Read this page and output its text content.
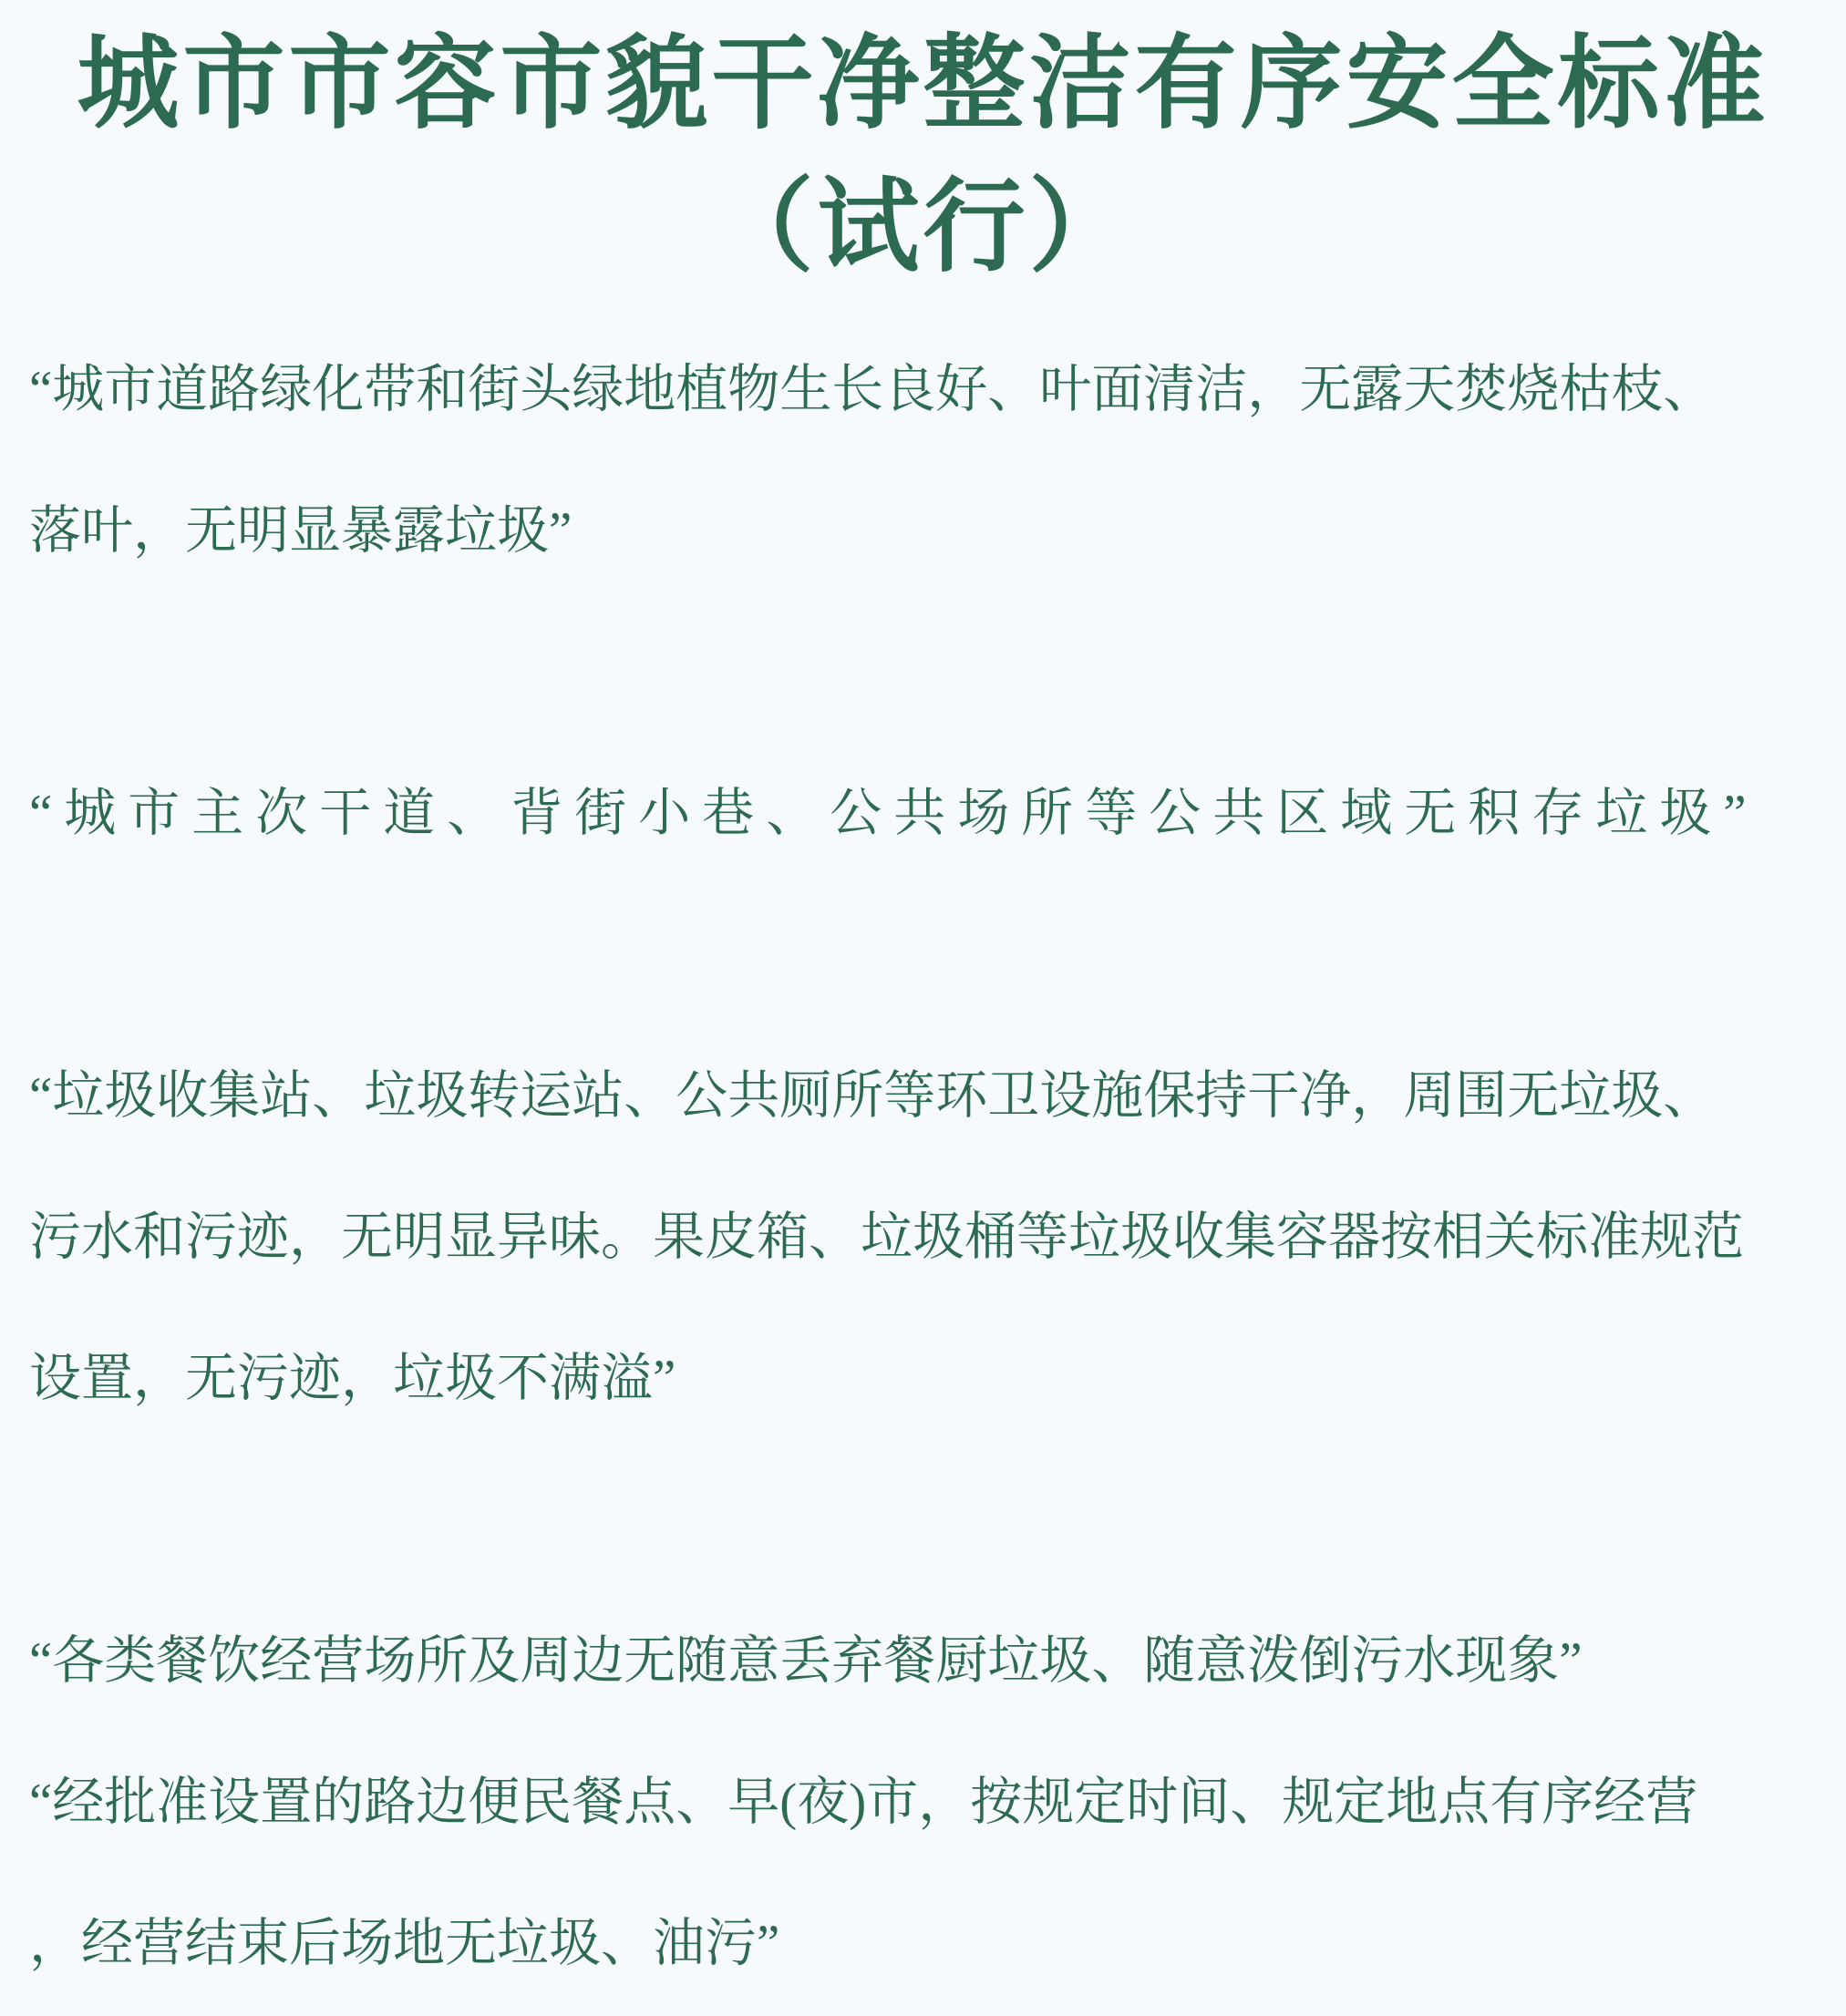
城市市容市貌干净整洁有序安全标准
（试行）

“城市道路绿化带和街头绿地植物生长良好、叶面清洁，无露天焚烧枯枝、
落叶，无明显暴露垃圾”

“城市主次干道、背街小巷、公共场所等公共区域无积存垃圾”

“垃圾收集站、垃圾转运站、公共厕所等环卫设施保持干净，周围无垃圾、
污水和污迹，无明显异味。果皮箱、垃圾桶等垃圾收集容器按相关标准规范
设置，无污迹，垃圾不满溢”

“各类餐饮经营场所及周边无随意丢弃餐厨垃圾、随意泼倒污水现象”

“经批准设置的路边便民餐点、早(夜)市，按规定时间、规定地点有序经营
，经营结束后场地无垃圾、油污”
